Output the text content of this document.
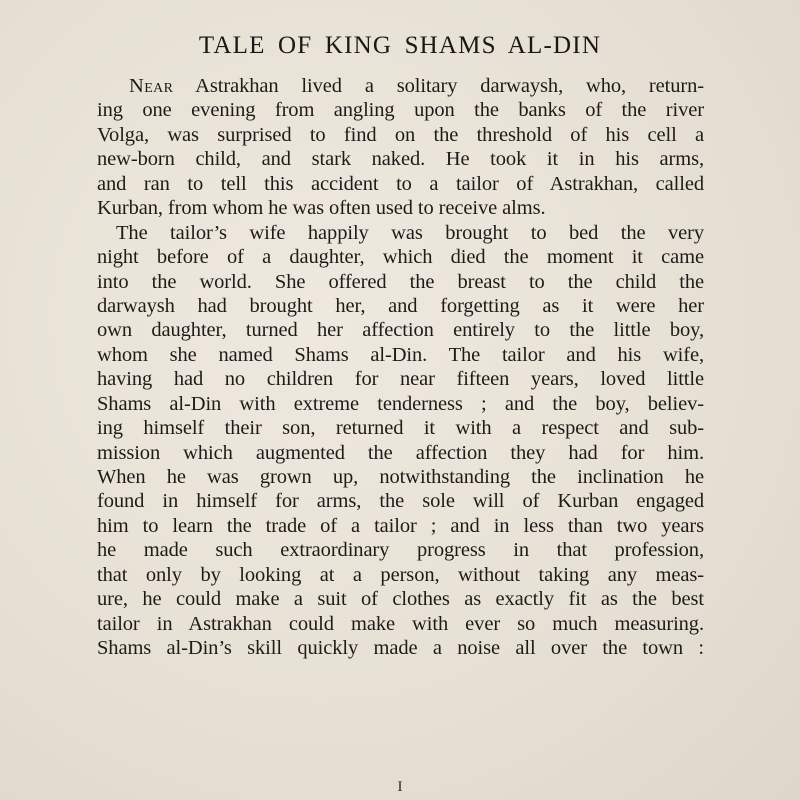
TALE OF KING SHAMS AL-DIN
Near Astrakhan lived a solitary darwaysh, who, return-
ing one evening from angling upon the banks of the river
Volga, was surprised to find on the threshold of his cell a
new-born child, and stark naked. He took it in his arms,
and ran to tell this accident to a tailor of Astrakhan, called
Kurban, from whom he was often used to receive alms.
The tailor’s wife happily was brought to bed the very
night before of a daughter, which died the moment it came
into the world. She offered the breast to the child the
darwaysh had brought her, and forgetting as it were her
own daughter, turned her affection entirely to the little boy,
whom she named Shams al-Din. The tailor and his wife,
having had no children for near fifteen years, loved little
Shams al-Din with extreme tenderness ; and the boy, believ-
ing himself their son, returned it with a respect and sub-
mission which augmented the affection they had for him.
When he was grown up, notwithstanding the inclination he
found in himself for arms, the sole will of Kurban engaged
him to learn the trade of a tailor ; and in less than two years
he made such extraordinary progress in that profession,
that only by looking at a person, without taking any meas-
ure, he could make a suit of clothes as exactly fit as the best
tailor in Astrakhan could make with ever so much measuring.
Shams al-Din’s skill quickly made a noise all over the town :
I
